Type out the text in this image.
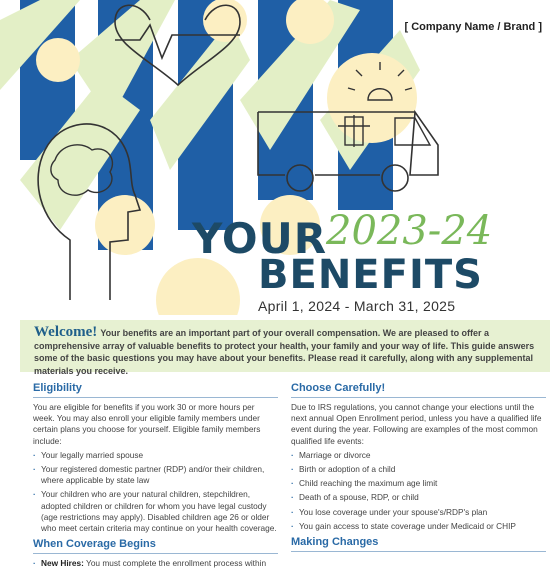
[ Company Name / Brand ]
YOUR
2023-24
BENEFITS
April 1, 2024 - March 31, 2025
Welcome! Your benefits are an important part of your overall compensation. We are pleased to offer a comprehensive array of valuable benefits to protect your health, your family and your way of life. This guide answers some of the basic questions you may have about your benefits. Please read it carefully, along with any supplemental materials you receive.
Eligibility

You are eligible for benefits if you work 30 or more hours per week. You may also enroll your eligible family members under certain plans you choose for yourself. Eligible family members include:

· Your legally married spouse
· Your registered domestic partner (RDP) and/or their children, where applicable by state law
· Your children who are your natural children, stepchildren, adopted children or children for whom you have legal custody (age restrictions may apply). Disabled children age 26 or older who meet certain criteria may continue on your health coverage.
When Coverage Begins
· New Hires: You must complete the enrollment process within
Choose Carefully!

Due to IRS regulations, you cannot change your elections until the next annual Open Enrollment period, unless you have a qualified life event during the year. Following are examples of the most common qualified life events:

· Marriage or divorce
· Birth or adoption of a child
· Child reaching the maximum age limit
· Death of a spouse, RDP, or child
· You lose coverage under your spouse's/RDP's plan
· You gain access to state coverage under Medicaid or CHIP
Making Changes
